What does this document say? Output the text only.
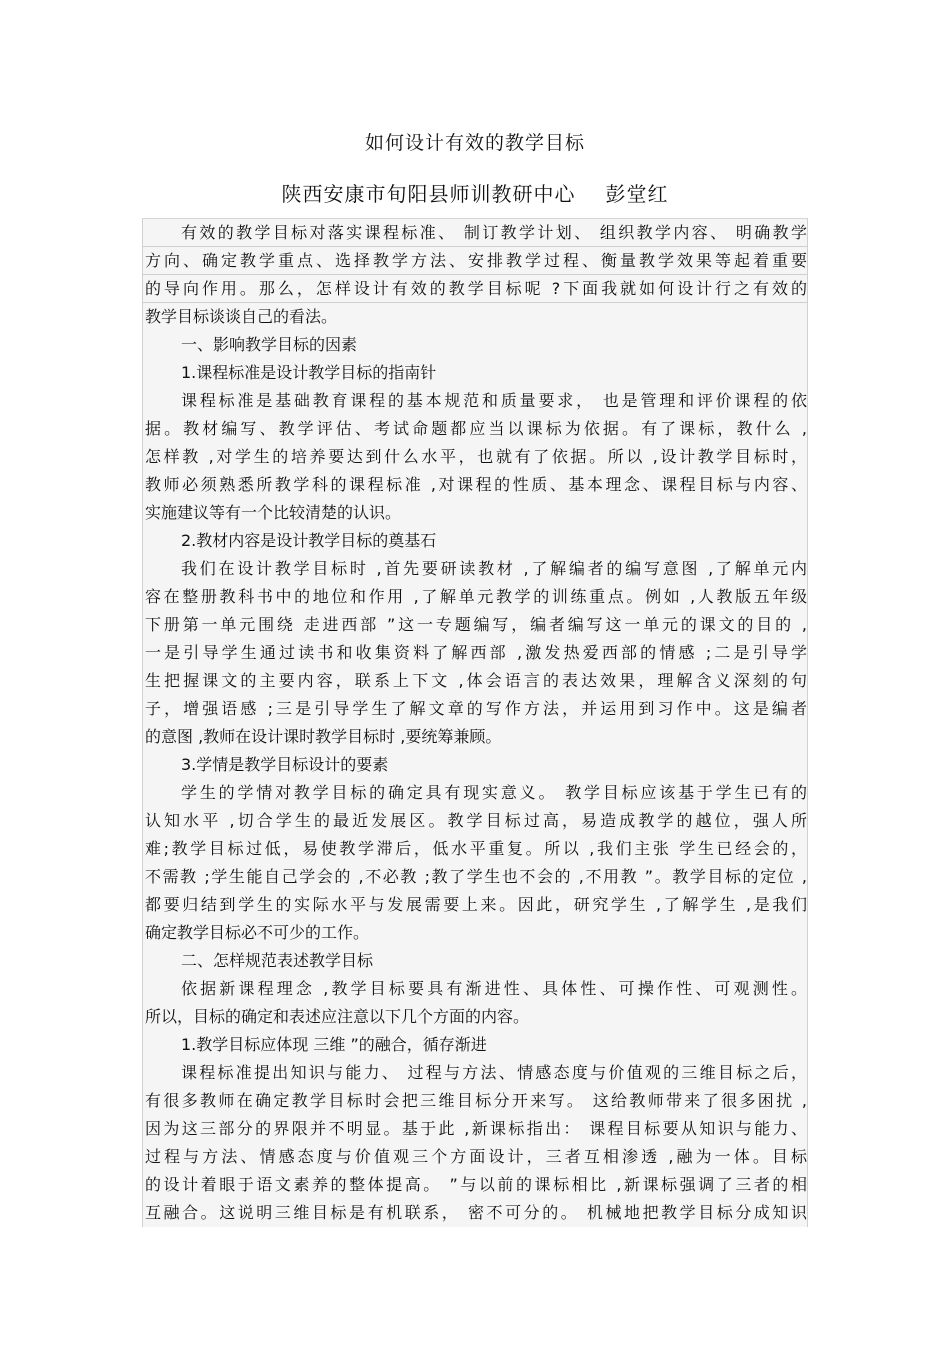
如何设计有效的教学目标
陕西安康市旬阳县师训教研中心 彭堂红
有效的教学目标对落实课程标准、 制订教学计划、 组织教学内容、 明确教学
方向、确定教学重点、选择教学方法、安排教学过程、衡量教学效果等起着重要
的导向作用。那么，怎样设计有效的教学目标呢 ?下面我就如何设计行之有效的
教学目标谈谈自己的看法。
一、影响教学目标的因素
1.课程标准是设计教学目标的指南针
课程标准是基础教育课程的基本规范和质量要求， 也是管理和评价课程的依
据。教材编写、教学评估、考试命题都应当以课标为依据。有了课标，教什么 ,
怎样教 ,对学生的培养要达到什么水平，也就有了依据。所以 ,设计教学目标时，
教师必须熟悉所教学科的课程标准 ,对课程的性质、基本理念、课程目标与内容、
实施建议等有一个比较清楚的认识。
2.教材内容是设计教学目标的奠基石
我们在设计教学目标时 ,首先要研读教材 ,了解编者的编写意图 ,了解单元内
容在整册教科书中的地位和作用 ,了解单元教学的训练重点。例如 ,人教版五年级
下册第一单元围绕 走进西部 ”这一专题编写，编者编写这一单元的课文的目的 ,
一是引导学生通过读书和收集资料了解西部 ,激发热爱西部的情感 ;二是引导学
生把握课文的主要内容，联系上下文 ,体会语言的表达效果，理解含义深刻的句
子，增强语感 ;三是引导学生了解文章的写作方法，并运用到习作中。这是编者
的意图 ,教师在设计课时教学目标时 ,要统筹兼顾。
3.学情是教学目标设计的要素
学生的学情对教学目标的确定具有现实意义。 教学目标应该基于学生已有的
认知水平 ,切合学生的最近发展区。教学目标过高，易造成教学的越位，强人所
难;教学目标过低，易使教学滞后，低水平重复。所以 ,我们主张 学生已经会的，
不需教 ;学生能自己学会的 ,不必教 ;教了学生也不会的 ,不用教 ”。教学目标的定位 ,
都要归结到学生的实际水平与发展需要上来。因此，研究学生 ,了解学生 ,是我们
确定教学目标必不可少的工作。
二、怎样规范表述教学目标
依据新课程理念 ,教学目标要具有渐进性、具体性、可操作性、可观测性。
所以，目标的确定和表述应注意以下几个方面的内容。
1.教学目标应体现 三维 ”的融合，循存渐进
课程标准提出知识与能力、 过程与方法、情感态度与价值观的三维目标之后，
有很多教师在确定教学目标时会把三维目标分开来写。 这给教师带来了很多困扰 ,
因为这三部分的界限并不明显。基于此 ,新课标指出： 课程目标要从知识与能力、
过程与方法、情感态度与价值观三个方面设计，三者互相渗透 ,融为一体。目标
的设计着眼于语文素养的整体提高。 ”与以前的课标相比 ,新课标强调了三者的相
互融合。这说明三维目标是有机联系， 密不可分的。 机械地把教学目标分成知识
